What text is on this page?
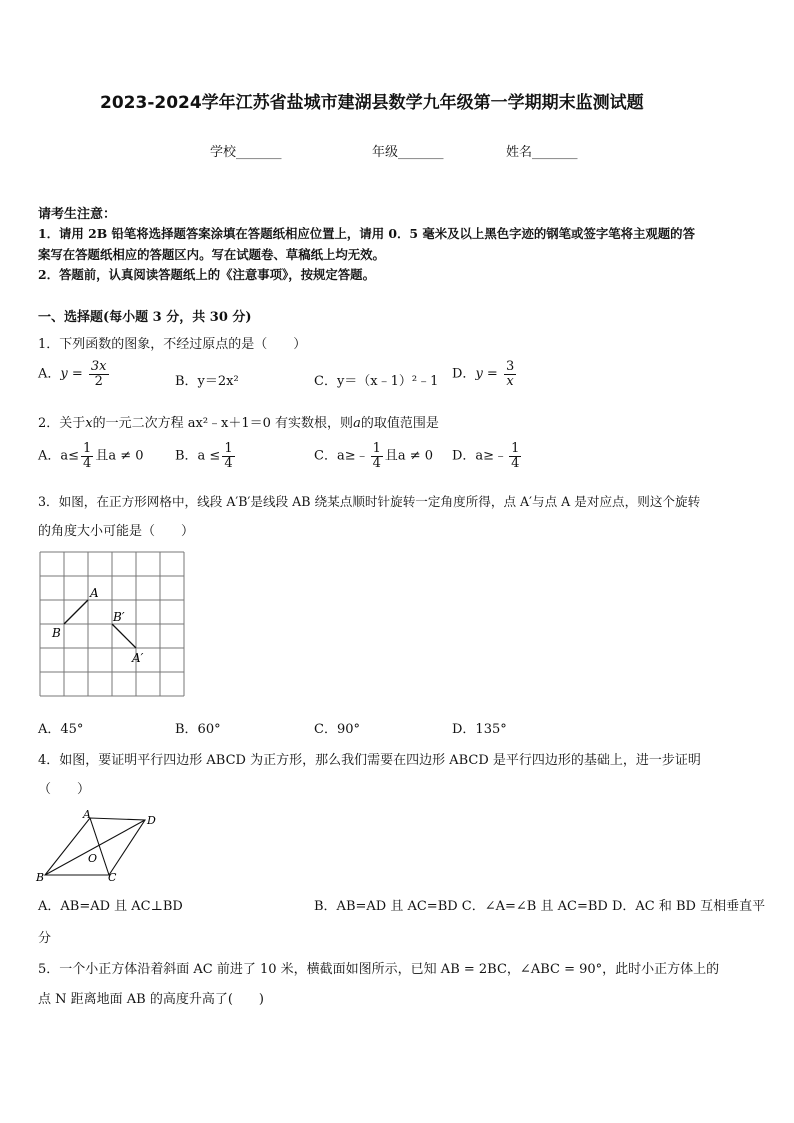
2023-2024学年江苏省盐城市建湖县数学九年级第一学期期末监测试题
学校_______	年级_______	姓名_______
请考生注意：
1．请用 2B 铅笔将选择题答案涂填在答题纸相应位置上，请用 0．5 毫米及以上黑色字迹的钢笔或签字笔将主观题的答
案写在答题纸相应的答题区内。写在试题卷、草稿纸上均无效。
2．答题前，认真阅读答题纸上的《注意事项》，按规定答题。
一、选择题(每小题 3 分，共 30 分)
1．下列函数的图象，不经过原点的是（　　）
A．$y = \frac{3x}{2}$	B．y＝2x²	C．y＝（x﹣1）²﹣1 D．$y = \frac{3}{x}$
2．关于x的一元二次方程 ax²﹣x＋1＝0 有实数根，则a的取值范围是
A．$a\le \frac{1}{4}$ 且a ≠ 0 B．$a \le \frac{1}{4}$	C．a≥﹣ $\frac{1}{4}$ 且a ≠ 0 D．a≥﹣ $\frac{1}{4}$
3．如图，在正方形网格中，线段 A′B′是线段 AB 绕某点顺时针旋转一定角度所得，点 A′与点 A 是对应点，则这个旋转
的角度大小可能是（　　）
A
B
B′
A′
A．45°	B．60°	C．90°	D．135°
4．如图，要证明平行四边形 ABCD 为正方形，那么我们需要在四边形 ABCD 是平行四边形的基础上，进一步证明
（　　）
A	D
B	C
O
A．AB=AD 且 AC⊥BD	B．AB=AD 且 AC=BD C．∠A=∠B 且 AC=BD D．AC 和 BD 互相垂直平
分
5．一个小正方体沿着斜面 AC 前进了 10 米，横截面如图所示，已知 AB = 2BC，∠ABC = 90°，此时小正方体上的
点 N 距离地面 AB 的高度升高了(　　)
